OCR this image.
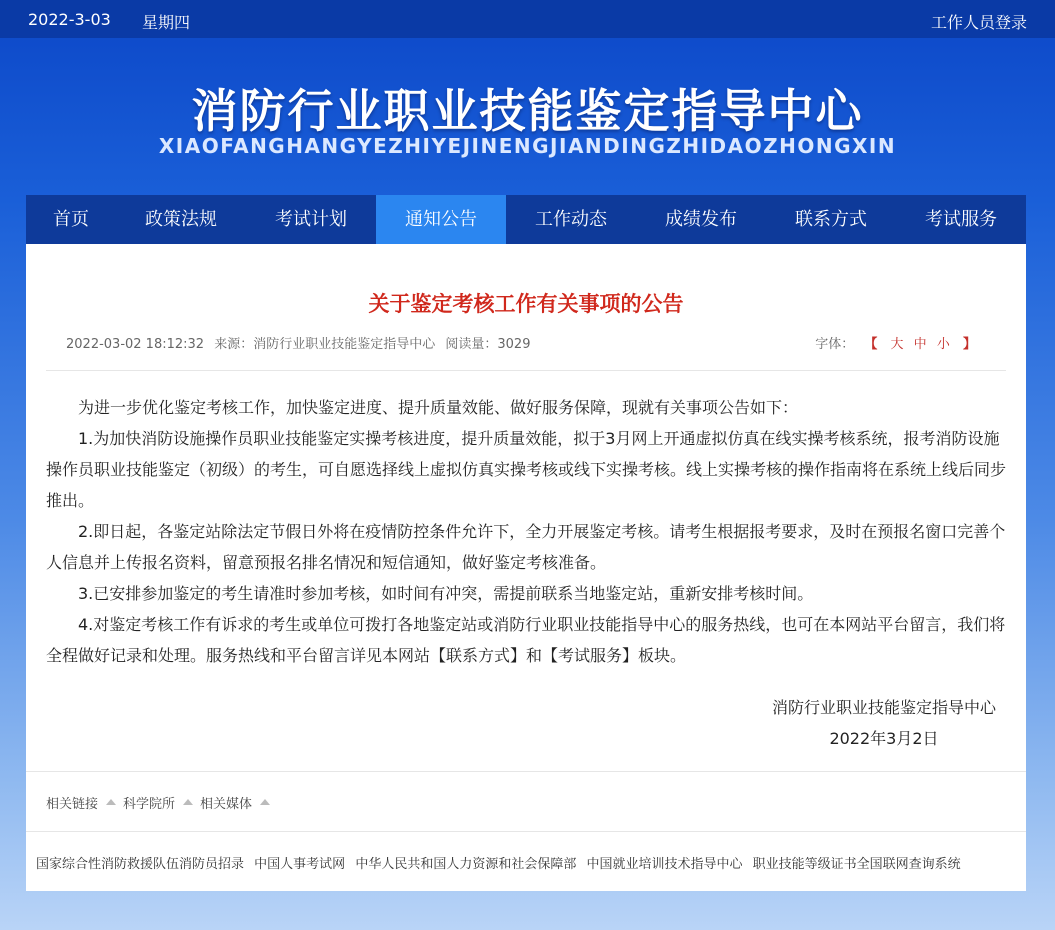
2022-3-03 星期四	工作人员登录
消防行业职业技能鉴定指导中心
XIAOFANGHANGYEZHIYEJINENGJIANDINGZHIDAOZHONGXIN
首页	政策法规	考试计划	通知公告	工作动态	成绩发布	联系方式	考试服务
关于鉴定考核工作有关事项的公告
2022-03-02 18:12:32 来源：消防行业职业技能鉴定指导中心 阅读量：3029	字体： 【 大 中 小 】

为进一步优化鉴定考核工作，加快鉴定进度、提升质量效能、做好服务保障，现就有关事项公告如下：

1.为加快消防设施操作员职业技能鉴定实操考核进度，提升质量效能，拟于3月网上开通虚拟仿真在线实操考核系统，报考消防设施操作员职业技能鉴定（初级）的考生，可自愿选择线上虚拟仿真实操考核或线下实操考核。线上实操考核的操作指南将在系统上线后同步推出。

2.即日起，各鉴定站除法定节假日外将在疫情防控条件允许下，全力开展鉴定考核。请考生根据报考要求，及时在预报名窗口完善个人信息并上传报名资料，留意预报名排名情况和短信通知，做好鉴定考核准备。

3.已安排参加鉴定的考生请准时参加考核，如时间有冲突，需提前联系当地鉴定站，重新安排考核时间。

4.对鉴定考核工作有诉求的考生或单位可拨打各地鉴定站或消防行业职业技能指导中心的服务热线，也可在本网站平台留言，我们将全程做好记录和处理。服务热线和平台留言详见本网站【联系方式】和【考试服务】板块。

消防行业职业技能鉴定指导中心
2022年3月2日
相关链接 科学院所 相关媒体
国家综合性消防救援队伍消防员招录 中国人事考试网 中华人民共和国人力资源和社会保障部 中国就业培训技术指导中心 职业技能等级证书全国联网查询系统
